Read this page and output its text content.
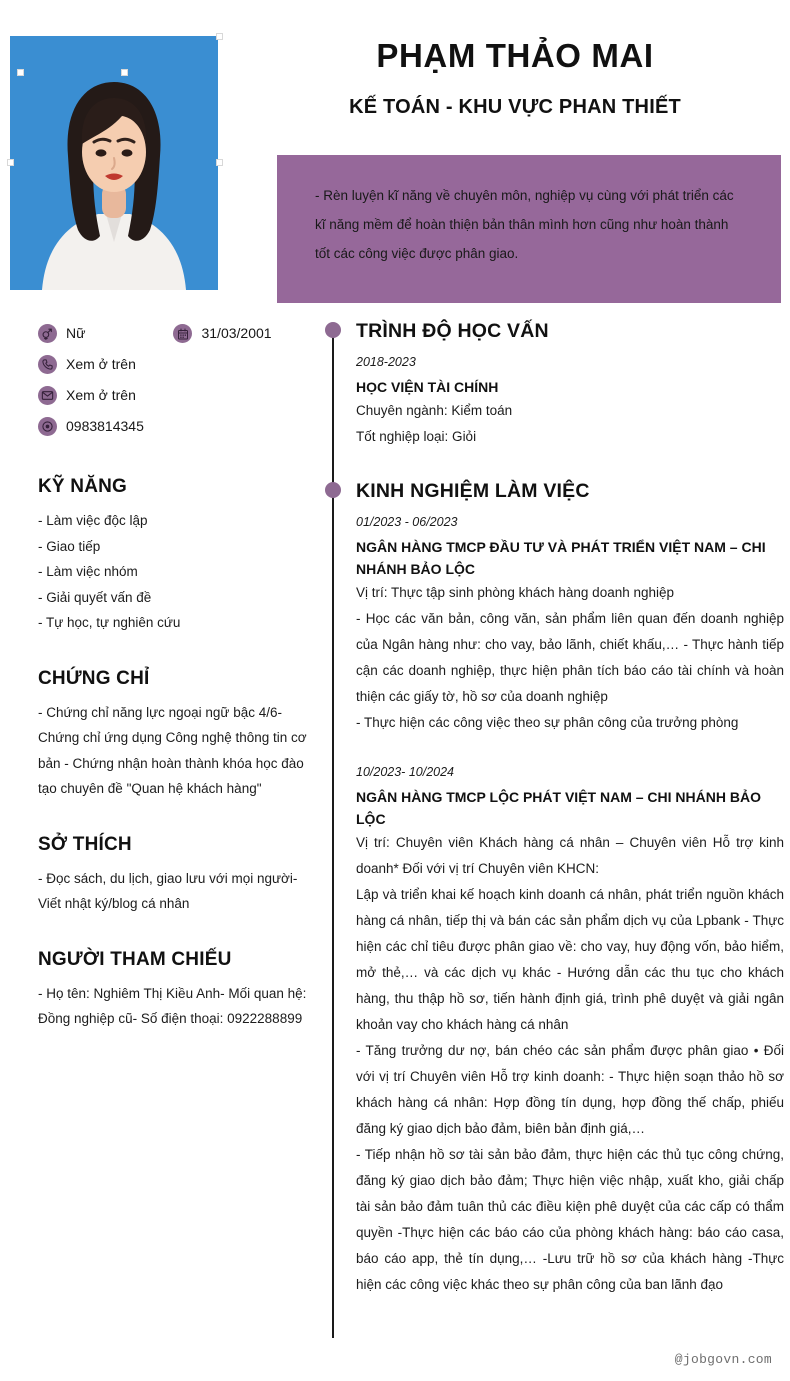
PHẠM THẢO MAI
KẾ TOÁN - KHU VỰC PHAN THIẾT
- Rèn luyện kĩ năng về chuyên môn, nghiệp vụ cùng với phát triển các kĩ năng mềm để hoàn thiện bản thân mình hơn cũng như hoàn thành tốt các công việc được phân giao.
Nữ	31/03/2001
Xem ở trên
Xem ở trên
0983814345
KỸ NĂNG
- Làm việc độc lập
- Giao tiếp
- Làm việc nhóm
- Giải quyết vấn đề
- Tự học, tự nghiên cứu
CHỨNG CHỈ
- Chứng chỉ năng lực ngoại ngữ bậc 4/6- Chứng chỉ ứng dụng Công nghệ thông tin cơ bản - Chứng nhận hoàn thành khóa học đào tạo chuyên đề "Quan hệ khách hàng"
SỞ THÍCH
- Đọc sách, du lịch, giao lưu với mọi người- Viết nhật ký/blog cá nhân
NGƯỜI THAM CHIẾU
- Họ tên: Nghiêm Thị Kiều Anh- Mối quan hệ: Đồng nghiệp cũ- Số điện thoại: 0922288899
TRÌNH ĐỘ HỌC VẤN
2018-2023
HỌC VIỆN TÀI CHÍNH
Chuyên ngành: Kiểm toán
Tốt nghiệp loại: Giỏi
KINH NGHIỆM LÀM VIỆC
01/2023 - 06/2023
NGÂN HÀNG TMCP ĐẦU TƯ VÀ PHÁT TRIỂN VIỆT NAM – CHI NHÁNH BẢO LỘC
Vị trí: Thực tập sinh phòng khách hàng doanh nghiệp
- Học các văn bản, công văn, sản phẩm liên quan đến doanh nghiệp của Ngân hàng như: cho vay, bảo lãnh, chiết khấu,… - Thực hành tiếp cận các doanh nghiệp, thực hiện phân tích báo cáo tài chính và hoàn thiện các giấy tờ, hồ sơ của doanh nghiệp
- Thực hiện các công việc theo sự phân công của trưởng phòng
10/2023- 10/2024
NGÂN HÀNG TMCP LỘC PHÁT VIỆT NAM – CHI NHÁNH BẢO LỘC
Vị trí: Chuyên viên Khách hàng cá nhân – Chuyên viên Hỗ trợ kinh doanh* Đối với vị trí Chuyên viên KHCN:
Lập và triển khai kế hoạch kinh doanh cá nhân, phát triển nguồn khách hàng cá nhân, tiếp thị và bán các sản phẩm dịch vụ của Lpbank - Thực hiện các chỉ tiêu được phân giao về: cho vay, huy động vốn, bảo hiểm, mở thẻ,… và các dịch vụ khác - Hướng dẫn các thu tục cho khách hàng, thu thập hồ sơ, tiến hành định giá, trình phê duyệt và giải ngân khoản vay cho khách hàng cá nhân
- Tăng trưởng dư nợ, bán chéo các sản phẩm được phân giao • Đối với vị trí Chuyên viên Hỗ trợ kinh doanh: - Thực hiện soạn thảo hồ sơ khách hàng cá nhân: Hợp đồng tín dụng, hợp đồng thế chấp, phiếu đăng ký giao dịch bảo đảm, biên bản định giá,…
- Tiếp nhận hồ sơ tài sản bảo đảm, thực hiện các thủ tục công chứng, đăng ký giao dịch bảo đảm; Thực hiện việc nhập, xuất kho, giải chấp tài sản bảo đảm tuân thủ các điều kiện phê duyệt của các cấp có thẩm quyền -Thực hiện các báo cáo của phòng khách hàng: báo cáo casa, báo cáo app, thẻ tín dụng,… -Lưu trữ hồ sơ của khách hàng -Thực hiện các công việc khác theo sự phân công của ban lãnh đạo
@jobgovn.com
